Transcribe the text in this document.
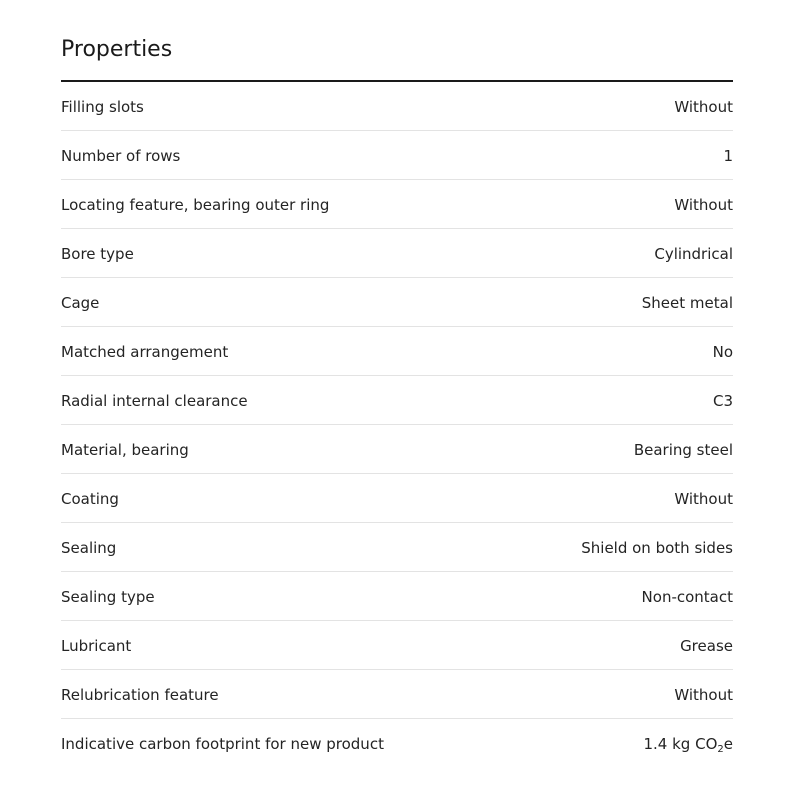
Properties
Filling slots	Without
Number of rows	1
Locating feature, bearing outer ring	Without
Bore type	Cylindrical
Cage	Sheet metal
Matched arrangement	No
Radial internal clearance	C3
Material, bearing	Bearing steel
Coating	Without
Sealing	Shield on both sides
Sealing type	Non-contact
Lubricant	Grease
Relubrication feature	Without
Indicative carbon footprint for new product	1.4 kg $CO_2e$
